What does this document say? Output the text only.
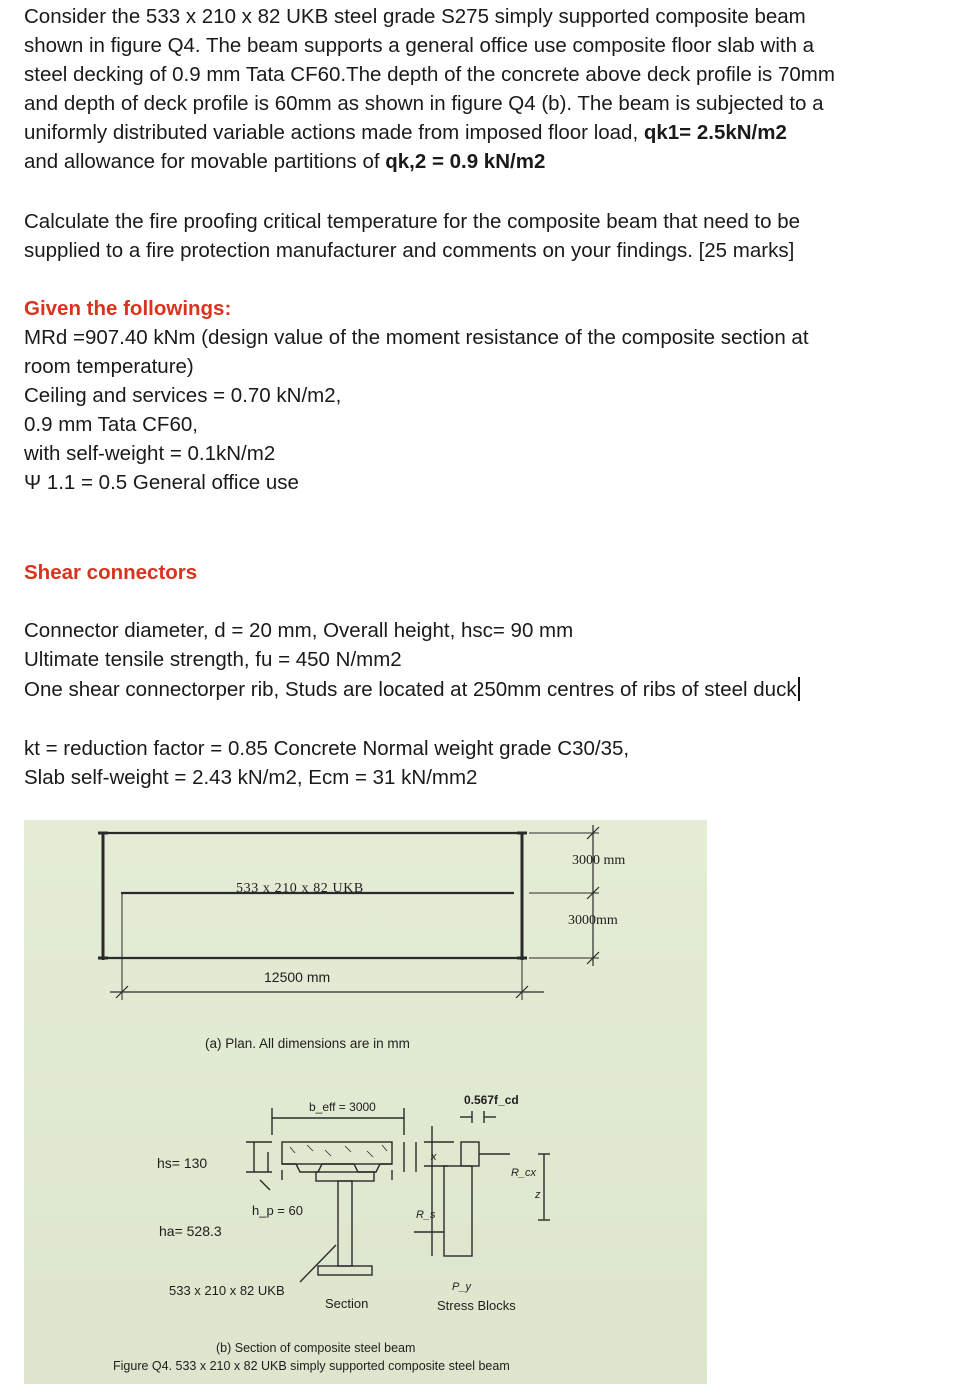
Consider the 533 x 210 x 82 UKB steel grade S275 simply supported composite beam

shown in figure Q4. The beam supports a general office use composite floor slab with a

steel decking of 0.9 mm Tata CF60.The depth of the concrete above deck profile is 70mm

and depth of deck profile is 60mm as shown in figure Q4 (b). The beam is subjected to a

uniformly distributed variable actions made from imposed floor load, qk1= 2.5kN/m2

and allowance for movable partitions of qk,2 = 0.9 kN/m2

Calculate the fire proofing critical temperature for the composite beam that need to be

supplied to a fire protection manufacturer and comments on your findings. [25 marks]

Given the followings:

MRd =907.40 kNm (design value of the moment resistance of the composite section at

room temperature)

Ceiling and services = 0.70 kN/m2,

0.9 mm Tata CF60,

with self-weight = 0.1kN/m2

Ψ 1.1 = 0.5 General office use

Shear connectors

Connector diameter, d = 20 mm, Overall height, hsc= 90 mm

Ultimate tensile strength, fu = 450 N/mm2

One shear connectorper rib, Studs are located at 250mm centres of ribs of steel duck

kt = reduction factor = 0.85 Concrete Normal weight grade C30/35,

Slab self-weight = 2.43 kN/m2, Ecm = 31 kN/mm2

533 x 210 x 82 UKB
12500 mm
3000 mm
3000mm
(a) Plan. All dimensions are in mm
hs= 130
h_p = 60
ha= 528.3
b_eff = 3000	0.567f_cd
x
R_cx
z
R_s
P_y
533 x 210 x 82 UKB
Section	Stress Blocks
(b) Section of composite steel beam
Figure Q4. 533 x 210 x 82 UKB simply supported composite steel beam
